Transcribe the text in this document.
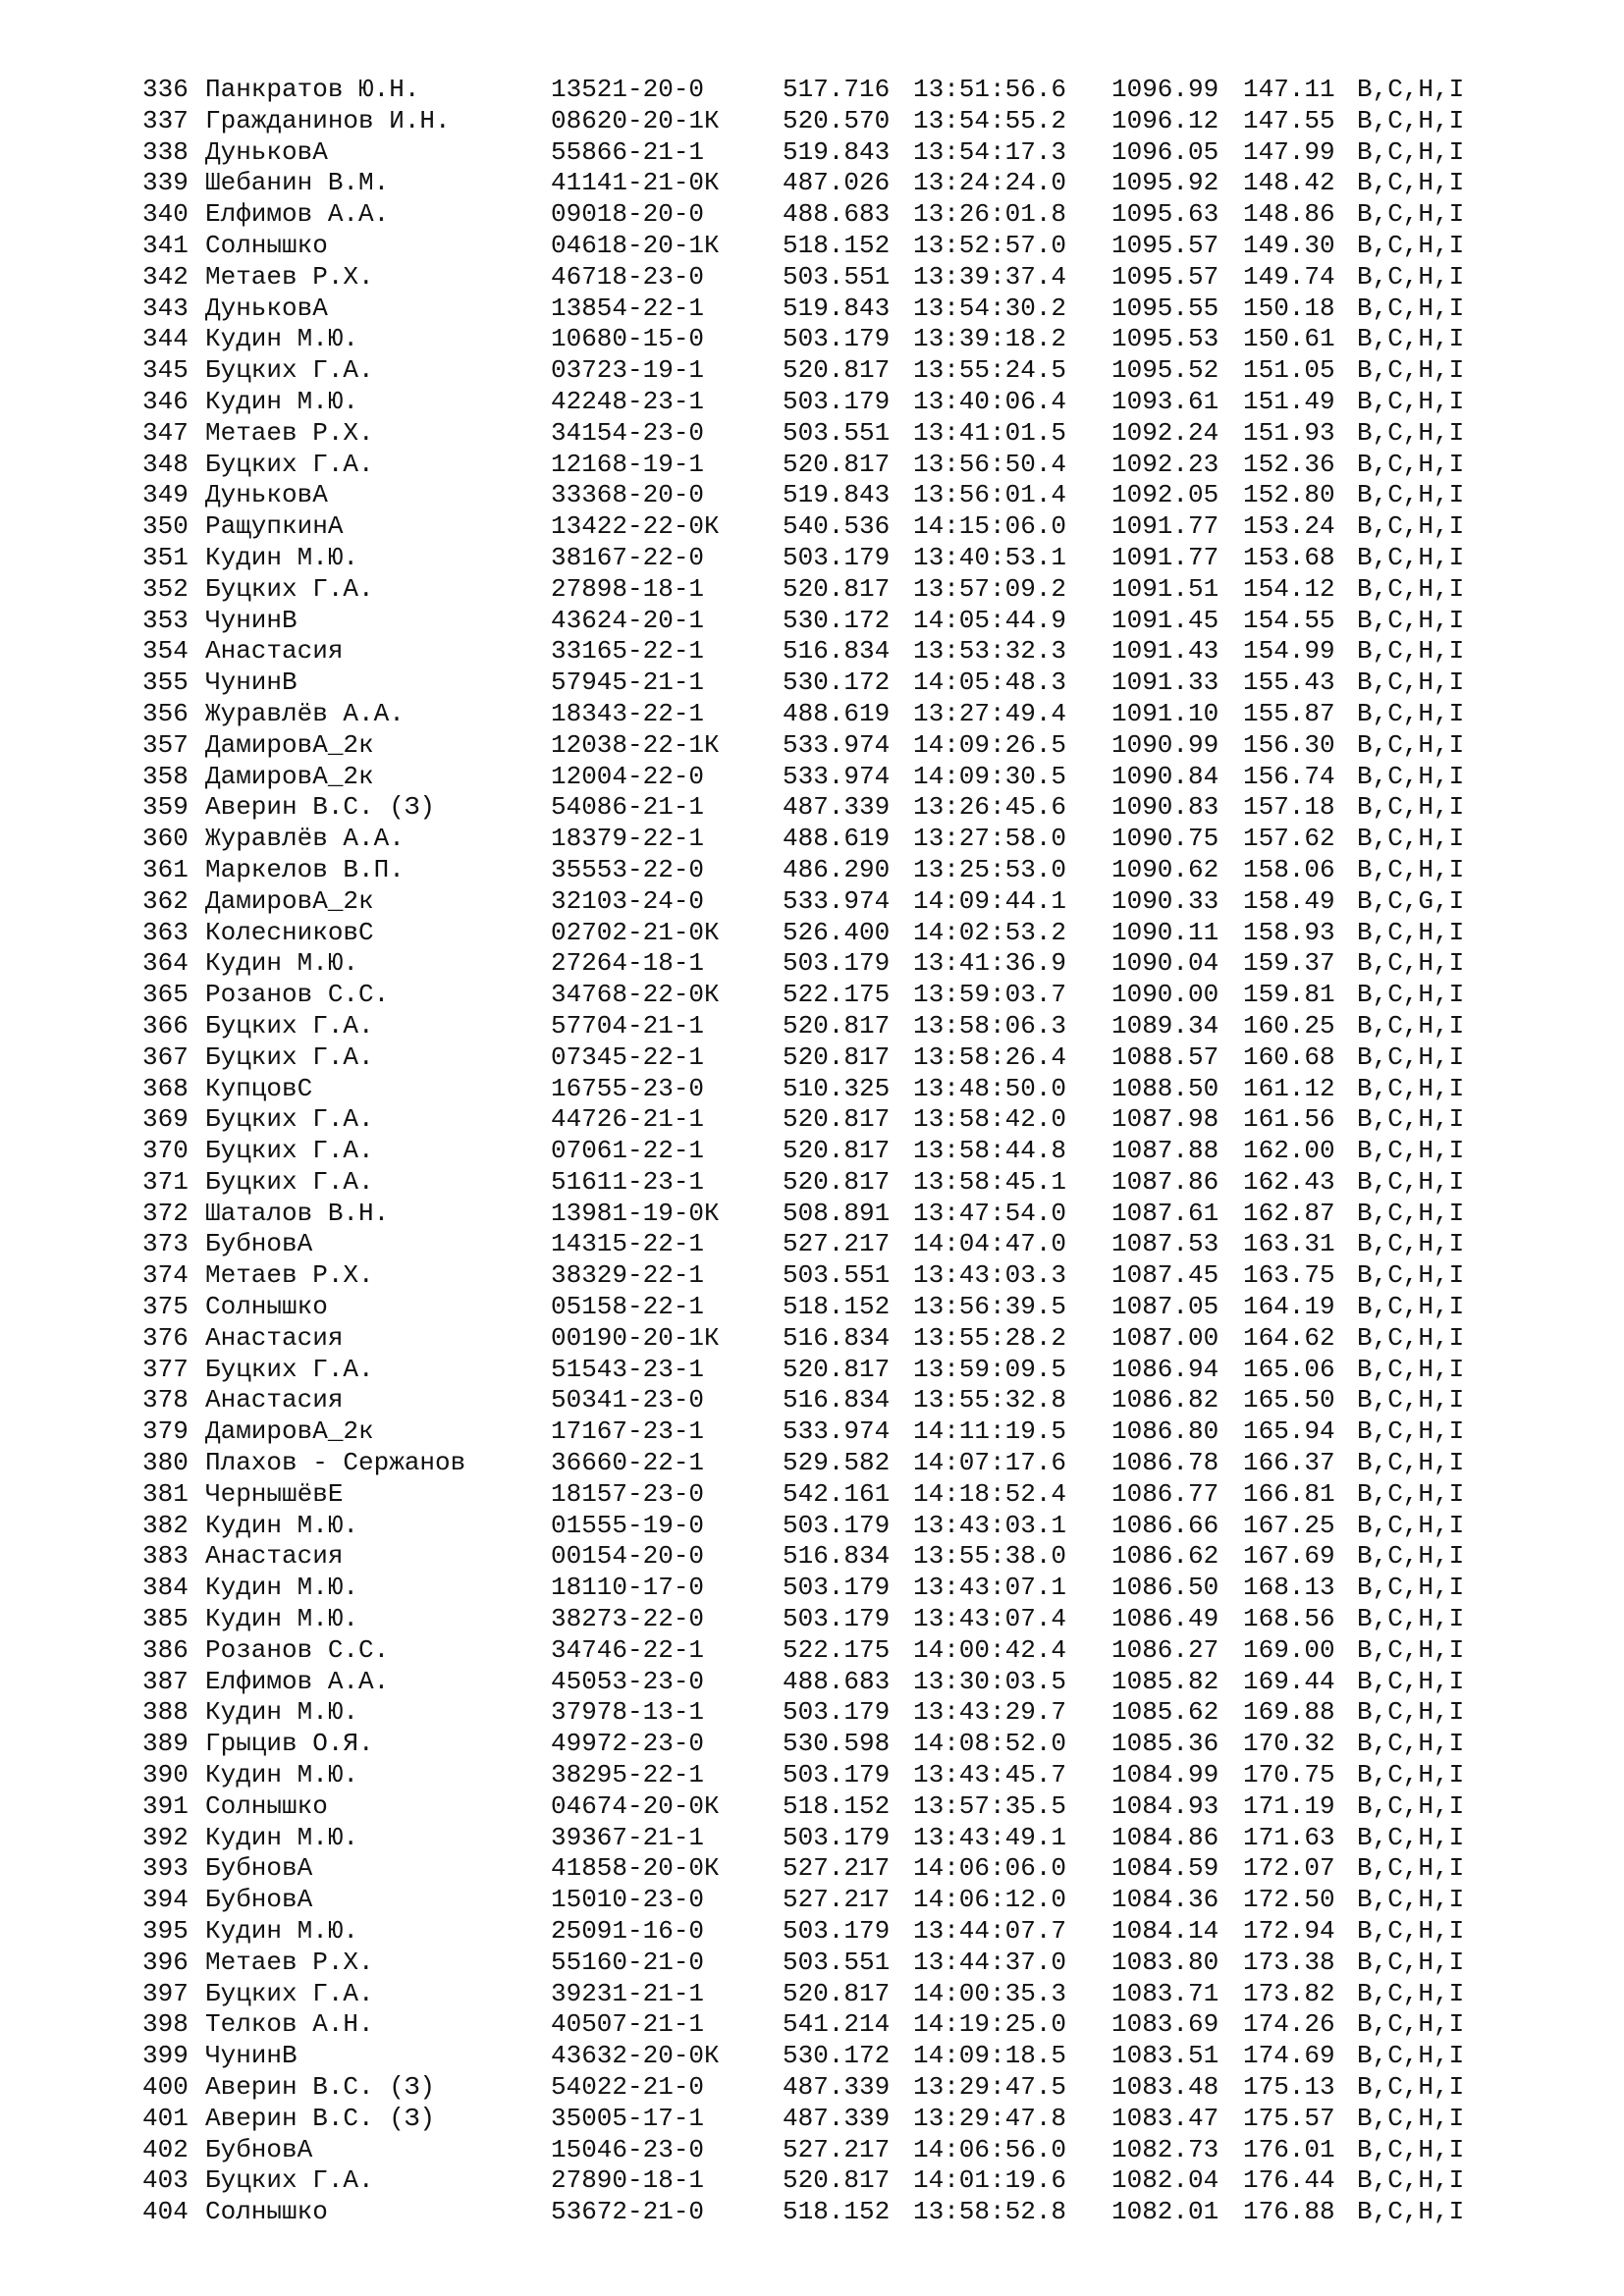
336 Панкратов Ю.Н.	13521-20-0	517.716 13:51:56.6	1096.99 147.11 B,C,H,I
337 Гражданинов И.Н.	08620-20-1К	520.570 13:54:55.2	1096.12 147.55 B,C,H,I
338 ДуньковА	55866-21-1	519.843 13:54:17.3	1096.05 147.99 B,C,H,I
339 Шебанин В.М.	41141-21-0К	487.026 13:24:24.0	1095.92 148.42 B,C,H,I
340 Елфимов А.А.	09018-20-0	488.683 13:26:01.8	1095.63 148.86 B,C,H,I
341 Солнышко	04618-20-1К	518.152 13:52:57.0	1095.57 149.30 B,C,H,I
342 Метаев Р.Х.	46718-23-0	503.551 13:39:37.4	1095.57 149.74 B,C,H,I
343 ДуньковА	13854-22-1	519.843 13:54:30.2	1095.55 150.18 B,C,H,I
344 Кудин М.Ю.	10680-15-0	503.179 13:39:18.2	1095.53 150.61 B,C,H,I
345 Буцких Г.А.	03723-19-1	520.817 13:55:24.5	1095.52 151.05 B,C,H,I
346 Кудин М.Ю.	42248-23-1	503.179 13:40:06.4	1093.61 151.49 B,C,H,I
347 Метаев Р.Х.	34154-23-0	503.551 13:41:01.5	1092.24 151.93 B,C,H,I
348 Буцких Г.А.	12168-19-1	520.817 13:56:50.4	1092.23 152.36 B,C,H,I
349 ДуньковА	33368-20-0	519.843 13:56:01.4	1092.05 152.80 B,C,H,I
350 РащупкинА	13422-22-0К	540.536 14:15:06.0	1091.77 153.24 B,C,H,I
351 Кудин М.Ю.	38167-22-0	503.179 13:40:53.1	1091.77 153.68 B,C,H,I
352 Буцких Г.А.	27898-18-1	520.817 13:57:09.2	1091.51 154.12 B,C,H,I
353 ЧунинВ	43624-20-1	530.172 14:05:44.9	1091.45 154.55 B,C,H,I
354 Анастасия	33165-22-1	516.834 13:53:32.3	1091.43 154.99 B,C,H,I
355 ЧунинВ	57945-21-1	530.172 14:05:48.3	1091.33 155.43 B,C,H,I
356 Журавлёв А.А.	18343-22-1	488.619 13:27:49.4	1091.10 155.87 B,C,H,I
357 ДамировА_2к	12038-22-1К	533.974 14:09:26.5	1090.99 156.30 B,C,H,I
358 ДамировА_2к	12004-22-0	533.974 14:09:30.5	1090.84 156.74 B,C,H,I
359 Аверин В.С. (З)	54086-21-1	487.339 13:26:45.6	1090.83 157.18 B,C,H,I
360 Журавлёв А.А.	18379-22-1	488.619 13:27:58.0	1090.75 157.62 B,C,H,I
361 Маркелов В.П.	35553-22-0	486.290 13:25:53.0	1090.62 158.06 B,C,H,I
362 ДамировА_2к	32103-24-0	533.974 14:09:44.1	1090.33 158.49 B,C,G,I
363 КолесниковС	02702-21-0К	526.400 14:02:53.2	1090.11 158.93 B,C,H,I
364 Кудин М.Ю.	27264-18-1	503.179 13:41:36.9	1090.04 159.37 B,C,H,I
365 Розанов С.С.	34768-22-0К	522.175 13:59:03.7	1090.00 159.81 B,C,H,I
366 Буцких Г.А.	57704-21-1	520.817 13:58:06.3	1089.34 160.25 B,C,H,I
367 Буцких Г.А.	07345-22-1	520.817 13:58:26.4	1088.57 160.68 B,C,H,I
368 КупцовС	16755-23-0	510.325 13:48:50.0	1088.50 161.12 B,C,H,I
369 Буцких Г.А.	44726-21-1	520.817 13:58:42.0	1087.98 161.56 B,C,H,I
370 Буцких Г.А.	07061-22-1	520.817 13:58:44.8	1087.88 162.00 B,C,H,I
371 Буцких Г.А.	51611-23-1	520.817 13:58:45.1	1087.86 162.43 B,C,H,I
372 Шаталов В.Н.	13981-19-0К	508.891 13:47:54.0	1087.61 162.87 B,C,H,I
373 БубновА	14315-22-1	527.217 14:04:47.0	1087.53 163.31 B,C,H,I
374 Метаев Р.Х.	38329-22-1	503.551 13:43:03.3	1087.45 163.75 B,C,H,I
375 Солнышко	05158-22-1	518.152 13:56:39.5	1087.05 164.19 B,C,H,I
376 Анастасия	00190-20-1К	516.834 13:55:28.2	1087.00 164.62 B,C,H,I
377 Буцких Г.А.	51543-23-1	520.817 13:59:09.5	1086.94 165.06 B,C,H,I
378 Анастасия	50341-23-0	516.834 13:55:32.8	1086.82 165.50 B,C,H,I
379 ДамировА_2к	17167-23-1	533.974 14:11:19.5	1086.80 165.94 B,C,H,I
380 Плахов - Сержанов	36660-22-1	529.582 14:07:17.6	1086.78 166.37 B,C,H,I
381 ЧернышёвЕ	18157-23-0	542.161 14:18:52.4	1086.77 166.81 B,C,H,I
382 Кудин М.Ю.	01555-19-0	503.179 13:43:03.1	1086.66 167.25 B,C,H,I
383 Анастасия	00154-20-0	516.834 13:55:38.0	1086.62 167.69 B,C,H,I
384 Кудин М.Ю.	18110-17-0	503.179 13:43:07.1	1086.50 168.13 B,C,H,I
385 Кудин М.Ю.	38273-22-0	503.179 13:43:07.4	1086.49 168.56 B,C,H,I
386 Розанов С.С.	34746-22-1	522.175 14:00:42.4	1086.27 169.00 B,C,H,I
387 Елфимов А.А.	45053-23-0	488.683 13:30:03.5	1085.82 169.44 B,C,H,I
388 Кудин М.Ю.	37978-13-1	503.179 13:43:29.7	1085.62 169.88 B,C,H,I
389 Грыцив О.Я.	49972-23-0	530.598 14:08:52.0	1085.36 170.32 B,C,H,I
390 Кудин М.Ю.	38295-22-1	503.179 13:43:45.7	1084.99 170.75 B,C,H,I
391 Солнышко	04674-20-0К	518.152 13:57:35.5	1084.93 171.19 B,C,H,I
392 Кудин М.Ю.	39367-21-1	503.179 13:43:49.1	1084.86 171.63 B,C,H,I
393 БубновА	41858-20-0К	527.217 14:06:06.0	1084.59 172.07 B,C,H,I
394 БубновА	15010-23-0	527.217 14:06:12.0	1084.36 172.50 B,C,H,I
395 Кудин М.Ю.	25091-16-0	503.179 13:44:07.7	1084.14 172.94 B,C,H,I
396 Метаев Р.Х.	55160-21-0	503.551 13:44:37.0	1083.80 173.38 B,C,H,I
397 Буцких Г.А.	39231-21-1	520.817 14:00:35.3	1083.71 173.82 B,C,H,I
398 Телков А.Н.	40507-21-1	541.214 14:19:25.0	1083.69 174.26 B,C,H,I
399 ЧунинВ	43632-20-0К	530.172 14:09:18.5	1083.51 174.69 B,C,H,I
400 Аверин В.С. (З)	54022-21-0	487.339 13:29:47.5	1083.48 175.13 B,C,H,I
401 Аверин В.С. (З)	35005-17-1	487.339 13:29:47.8	1083.47 175.57 B,C,H,I
402 БубновА	15046-23-0	527.217 14:06:56.0	1082.73 176.01 B,C,H,I
403 Буцких Г.А.	27890-18-1	520.817 14:01:19.6	1082.04 176.44 B,C,H,I
404 Солнышко	53672-21-0	518.152 13:58:52.8	1082.01 176.88 B,C,H,I
